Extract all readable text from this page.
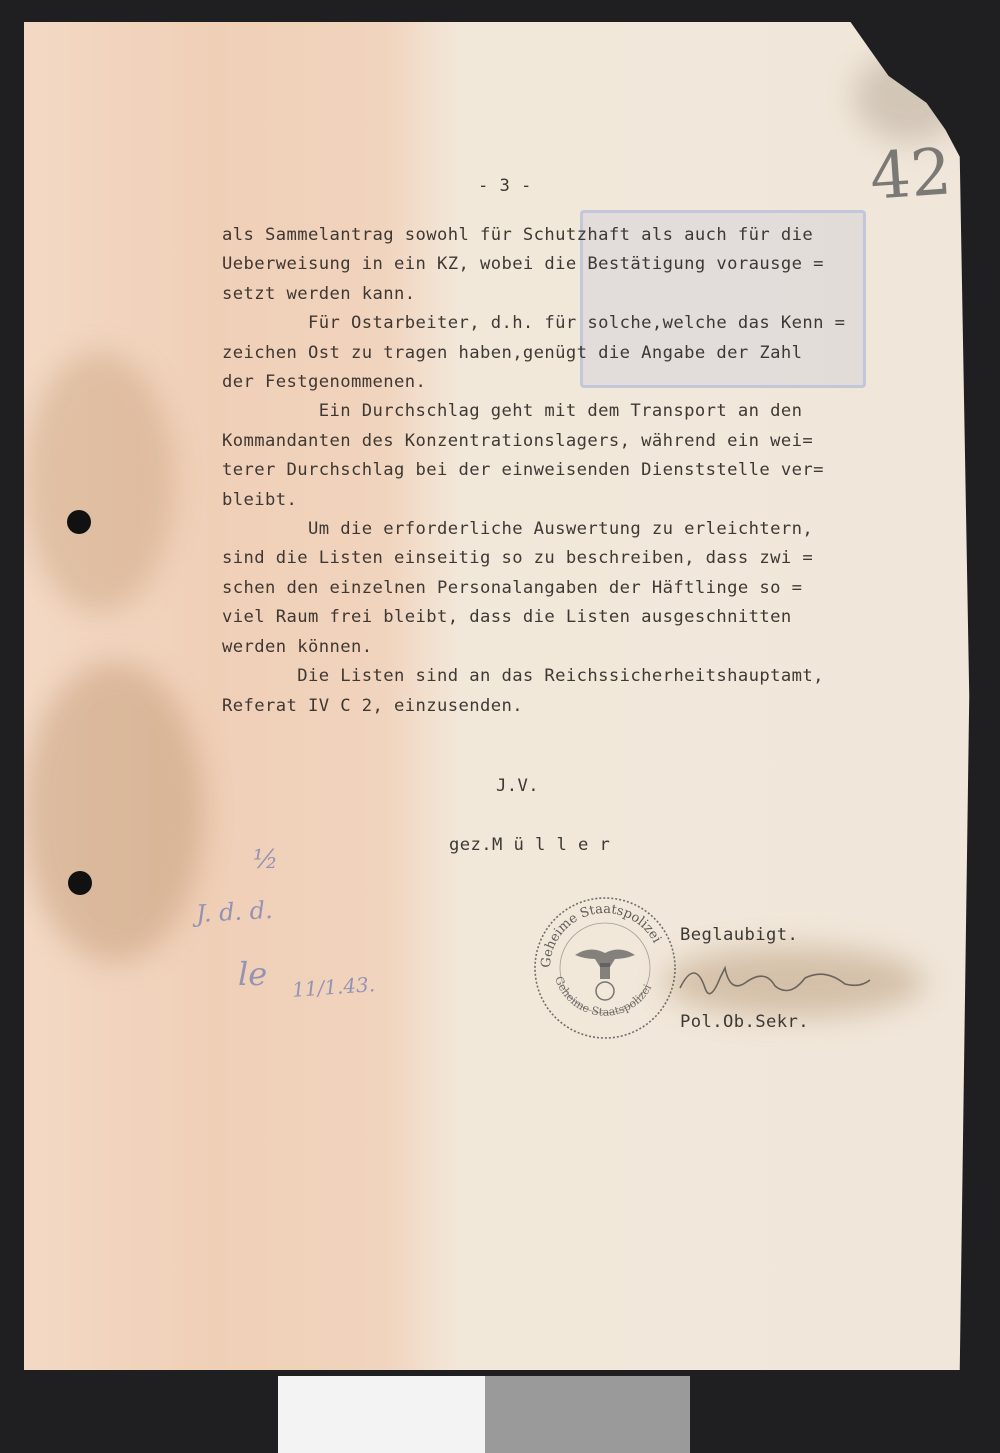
42
- 3 -
als Sammelantrag sowohl für Schutzhaft als auch für die
Ueberweisung in ein KZ, wobei die Bestätigung vorausge =
setzt werden kann.
Für Ostarbeiter, d.h. für solche,welche das Kenn =
zeichen Ost zu tragen haben,genügt die Angabe der Zahl
der Festgenommenen.
Ein Durchschlag geht mit dem Transport an den
Kommandanten des Konzentrationslagers, während ein wei=
terer Durchschlag bei der einweisenden Dienststelle ver=
bleibt.
Um die erforderliche Auswertung zu erleichtern,
sind die Listen einseitig so zu beschreiben, dass zwi =
schen den einzelnen Personalangaben der Häftlinge so =
viel Raum frei bleibt, dass die Listen ausgeschnitten
werden können.
Die Listen sind an das Reichssicherheitshauptamt,
Referat IV C 2, einzusenden.
J.V.
gez.M ü l l e r
Beglaubigt.
Pol.Ob.Sekr.
½
J. d. d.
le 11/1.43.
Geheime Staatspolizei
Geheime Staatspolizei
